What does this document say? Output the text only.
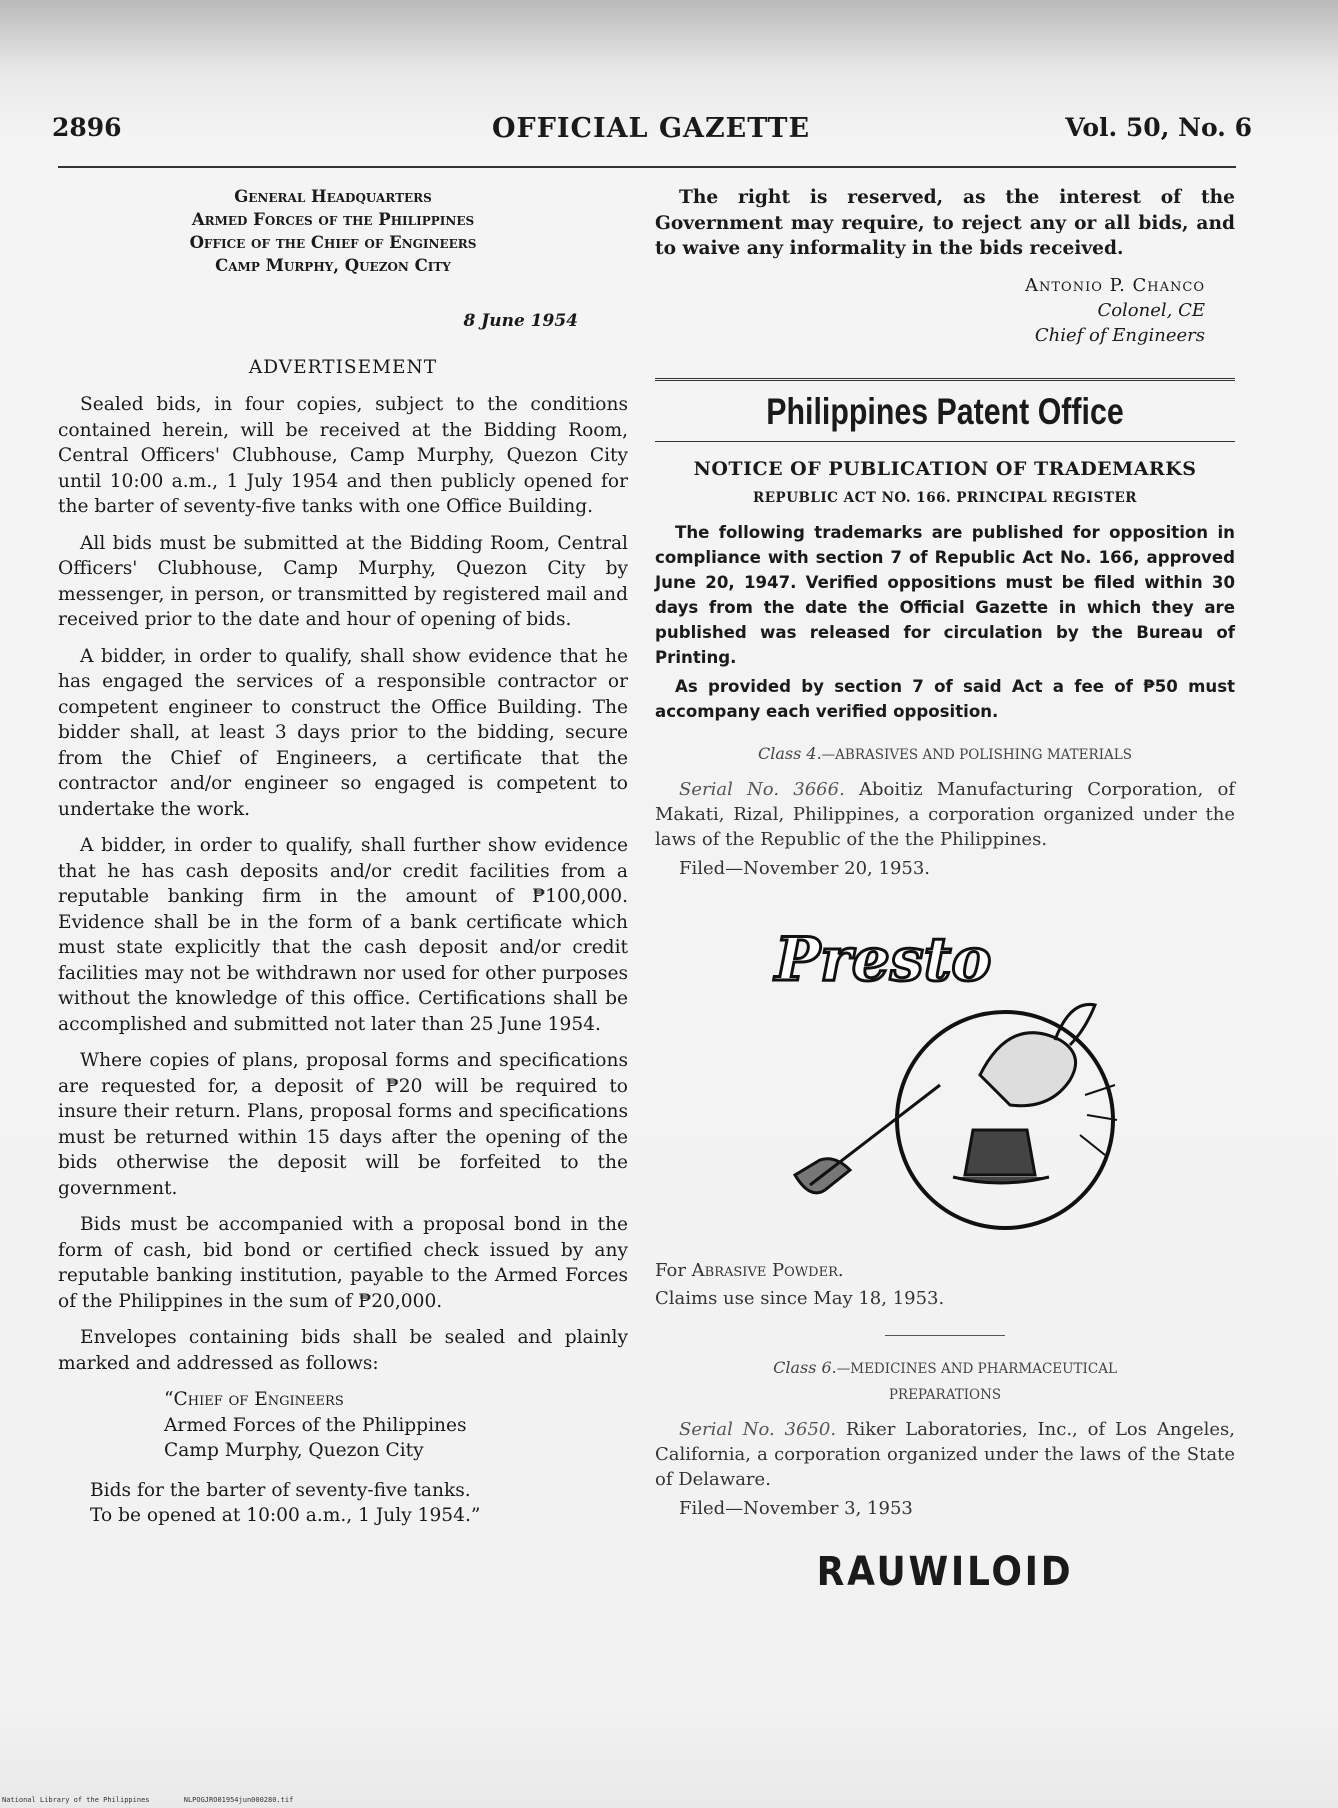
2896	OFFICIAL GAZETTE	Vol. 50, No. 6
General Headquarters
Armed Forces of the Philippines
Office of the Chief of Engineers
Camp Murphy, Quezon City
8 June 1954
ADVERTISEMENT

Sealed bids, in four copies, subject to the conditions contained herein, will be received at the Bidding Room, Central Officers' Clubhouse, Camp Murphy, Quezon City until 10:00 a.m., 1 July 1954 and then publicly opened for the barter of seventy-five tanks with one Office Building.

All bids must be submitted at the Bidding Room, Central Officers' Clubhouse, Camp Murphy, Quezon City by messenger, in person, or transmitted by registered mail and received prior to the date and hour of opening of bids.

A bidder, in order to qualify, shall show evidence that he has engaged the services of a responsible contractor or competent engineer to construct the Office Building. The bidder shall, at least 3 days prior to the bidding, secure from the Chief of Engineers, a certificate that the contractor and/or engineer so engaged is competent to undertake the work.

A bidder, in order to qualify, shall further show evidence that he has cash deposits and/or credit facilities from a reputable banking firm in the amount of ₱100,000. Evidence shall be in the form of a bank certificate which must state explicitly that the cash deposit and/or credit facilities may not be withdrawn nor used for other purposes without the knowledge of this office. Certifications shall be accomplished and submitted not later than 25 June 1954.

Where copies of plans, proposal forms and specifications are requested for, a deposit of ₱20 will be required to insure their return. Plans, proposal forms and specifications must be returned within 15 days after the opening of the bids otherwise the deposit will be forfeited to the government.

Bids must be accompanied with a proposal bond in the form of cash, bid bond or certified check issued by any reputable banking institution, payable to the Armed Forces of the Philippines in the sum of ₱20,000.

Envelopes containing bids shall be sealed and plainly marked and addressed as follows:

“Chief of Engineers
Armed Forces of the Philippines
Camp Murphy, Quezon City
Bids for the barter of seventy-five tanks.
To be opened at 10:00 a.m., 1 July 1954.”

The right is reserved, as the interest of the Government may require, to reject any or all bids, and to waive any informality in the bids received.

Antonio P. Chanco
Colonel, CE
Chief of Engineers
Philippines Patent Office
NOTICE OF PUBLICATION OF TRADEMARKS
REPUBLIC ACT NO. 166. PRINCIPAL REGISTER

The following trademarks are published for opposition in compliance with section 7 of Republic Act No. 166, approved June 20, 1947. Verified oppositions must be filed within 30 days from the date the Official Gazette in which they are published was released for circulation by the Bureau of Printing.

As provided by section 7 of said Act a fee of ₱50 must accompany each verified opposition.

Class 4.—ABRASIVES AND POLISHING MATERIALS
Serial No. 3666. Aboitiz Manufacturing Corporation, of Makati, Rizal, Philippines, a corporation organized under the laws of the Republic of the the Philippines.
Filed—November 20, 1953.
Presto
For Abrasive Powder.
Claims use since May 18, 1953.
Class 6.—MEDICINES AND PHARMACEUTICAL
PREPARATIONS
Serial No. 3650. Riker Laboratories, Inc., of Los Angeles, California, a corporation organized under the laws of the State of Delaware.
Filed—November 3, 1953
RAUWILOID
National Library of the Philippines	NLPOGJRO01954jun000280.tif
